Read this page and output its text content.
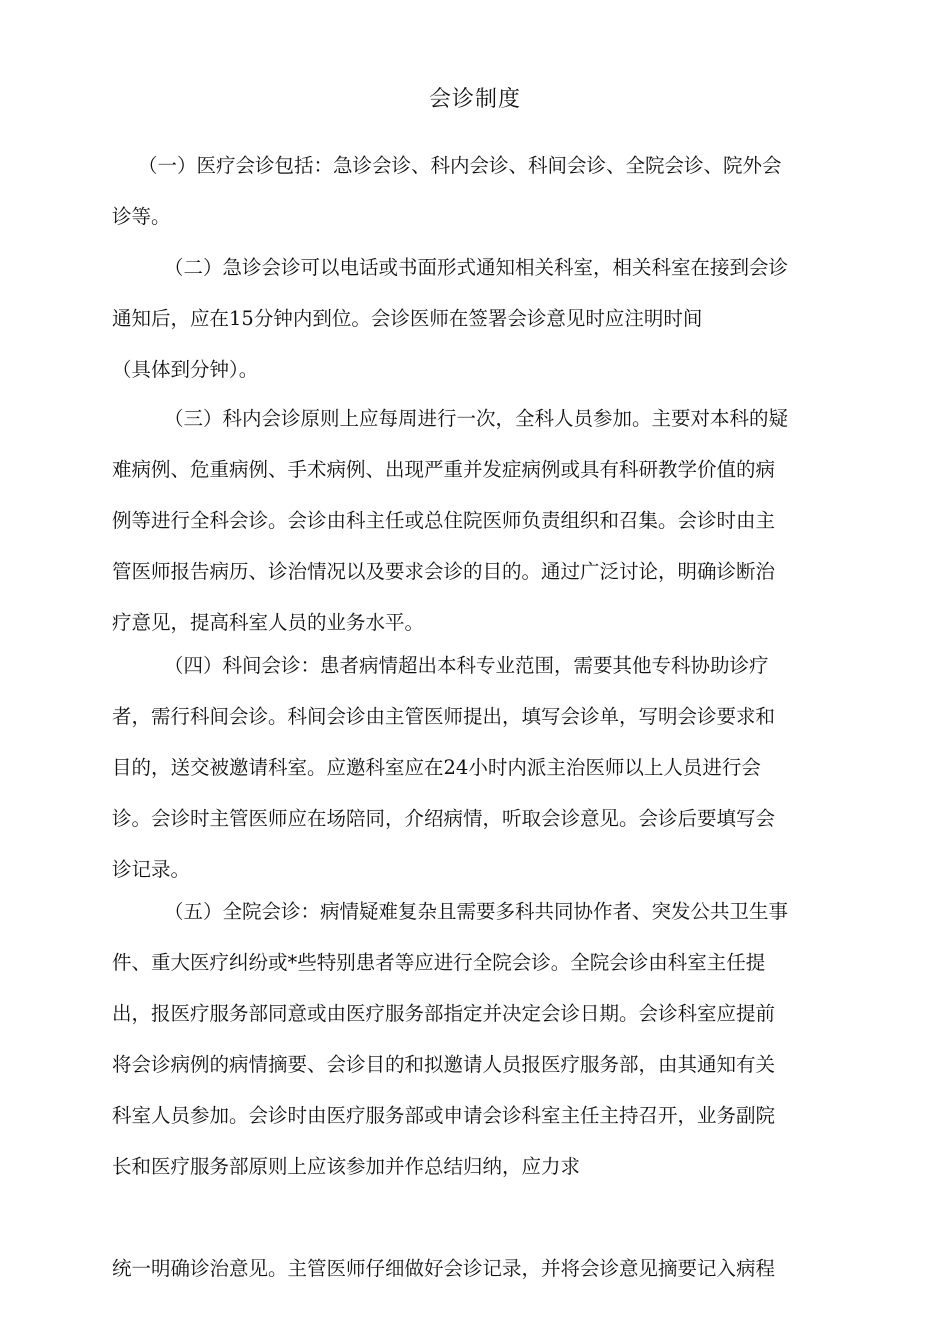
会诊制度
（一）医疗会诊包括：急诊会诊、科内会诊、科间会诊、全院会诊、院外会
诊等。
（二）急诊会诊可以电话或书面形式通知相关科室，相关科室在接到会诊
通知后，应在15分钟内到位。会诊医师在签署会诊意见时应注明时间
（具体到分钟）。
（三）科内会诊原则上应每周进行一次，全科人员参加。主要对本科的疑
难病例、危重病例、手术病例、出现严重并发症病例或具有科研教学价值的病
例等进行全科会诊。会诊由科主任或总住院医师负责组织和召集。会诊时由主
管医师报告病历、诊治情况以及要求会诊的目的。通过广泛讨论，明确诊断治
疗意见，提高科室人员的业务水平。
（四）科间会诊：患者病情超出本科专业范围，需要其他专科协助诊疗
者，需行科间会诊。科间会诊由主管医师提出，填写会诊单，写明会诊要求和
目的，送交被邀请科室。应邀科室应在24小时内派主治医师以上人员进行会
诊。会诊时主管医师应在场陪同，介绍病情，听取会诊意见。会诊后要填写会
诊记录。
（五）全院会诊：病情疑难复杂且需要多科共同协作者、突发公共卫生事
件、重大医疗纠纷或*些特别患者等应进行全院会诊。全院会诊由科室主任提
出，报医疗服务部同意或由医疗服务部指定并决定会诊日期。会诊科室应提前
将会诊病例的病情摘要、会诊目的和拟邀请人员报医疗服务部，由其通知有关
科室人员参加。会诊时由医疗服务部或申请会诊科室主任主持召开，业务副院
长和医疗服务部原则上应该参加并作总结归纳，应力求
统一明确诊治意见。主管医师仔细做好会诊记录，并将会诊意见摘要记入病程
